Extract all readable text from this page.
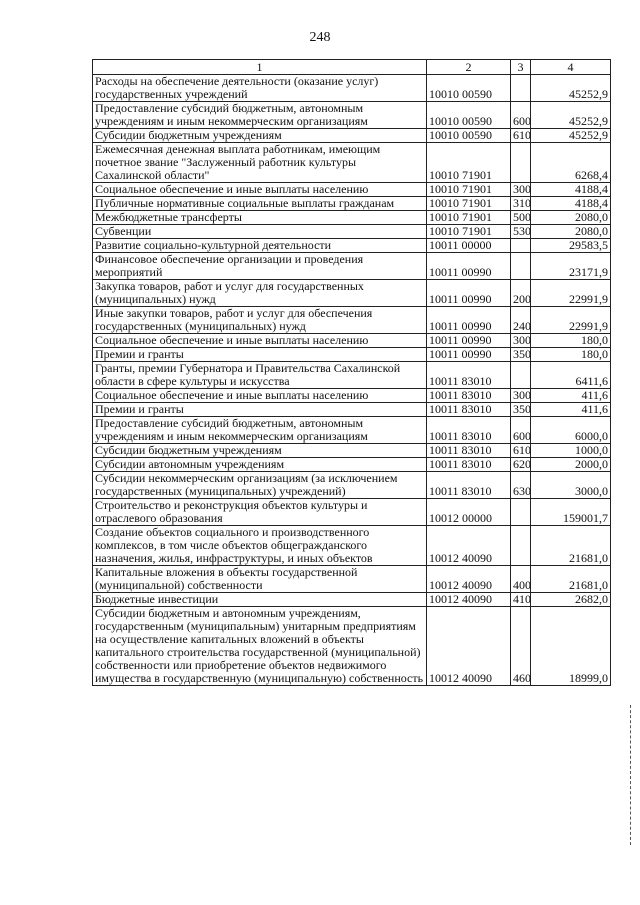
248
1	2	3	4
Расходы на обеспечение деятельности (оказание услуг) государственных учреждений	10010 00590		45252,9
Предоставление субсидий бюджетным, автономным учреждениям и иным некоммерческим организациям	10010 00590	600	45252,9
Субсидии бюджетным учреждениям	10010 00590	610	45252,9
Ежемесячная денежная выплата работникам, имеющим почетное звание "Заслуженный работник культуры Сахалинской области"	10010 71901		6268,4
Социальное обеспечение и иные выплаты населению	10010 71901	300	4188,4
Публичные нормативные социальные выплаты гражданам	10010 71901	310	4188,4
Межбюджетные трансферты	10010 71901	500	2080,0
Субвенции	10010 71901	530	2080,0
Развитие социально-культурной деятельности	10011 00000		29583,5
Финансовое обеспечение организации и проведения мероприятий	10011 00990		23171,9
Закупка товаров, работ и услуг для государственных (муниципальных) нужд	10011 00990	200	22991,9
Иные закупки товаров, работ и услуг для обеспечения государственных (муниципальных) нужд	10011 00990	240	22991,9
Социальное обеспечение и иные выплаты населению	10011 00990	300	180,0
Премии и гранты	10011 00990	350	180,0
Гранты, премии Губернатора и Правительства Сахалинской области в сфере культуры и искусства	10011 83010		6411,6
Социальное обеспечение и иные выплаты населению	10011 83010	300	411,6
Премии и гранты	10011 83010	350	411,6
Предоставление субсидий бюджетным, автономным учреждениям и иным некоммерческим организациям	10011 83010	600	6000,0
Субсидии бюджетным учреждениям	10011 83010	610	1000,0
Субсидии автономным учреждениям	10011 83010	620	2000,0
Субсидии некоммерческим организациям (за исключением государственных (муниципальных) учреждений)	10011 83010	630	3000,0
Строительство и реконструкция объектов культуры и отраслевого образования	10012 00000		159001,7
Создание объектов социального и производственного комплексов, в том числе объектов общегражданского назначения, жилья, инфраструктуры, и иных объектов	10012 40090		21681,0
Капитальные вложения в объекты государственной (муниципальной) собственности	10012 40090	400	21681,0
Бюджетные инвестиции	10012 40090	410	2682,0
Субсидии бюджетным и автономным учреждениям, государственным (муниципальным) унитарным предприятиям на осуществление капитальных вложений в объекты капитального строительства государственной (муниципальной) собственности или приобретение объектов недвижимого имущества в государственную (муниципальную) собственность	10012 40090	460	18999,0
